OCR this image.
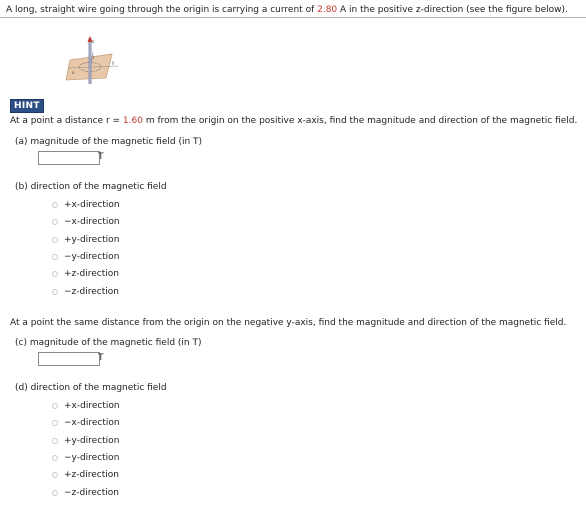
A long, straight wire going through the origin is carrying a current of 2.80 A in the positive z-direction (see the figure below).
z
y
x
I
HINT
At a point a distance r = 1.60 m from the origin on the positive x-axis, find the magnitude and direction of the magnetic field.
(a) magnitude of the magnetic field (in T)
T
(b) direction of the magnetic field
+x-direction
−x-direction
+y-direction
−y-direction
+z-direction
−z-direction
At a point the same distance from the origin on the negative y-axis, find the magnitude and direction of the magnetic field.
(c) magnitude of the magnetic field (in T)
T
(d) direction of the magnetic field
+x-direction
−x-direction
+y-direction
−y-direction
+z-direction
−z-direction
